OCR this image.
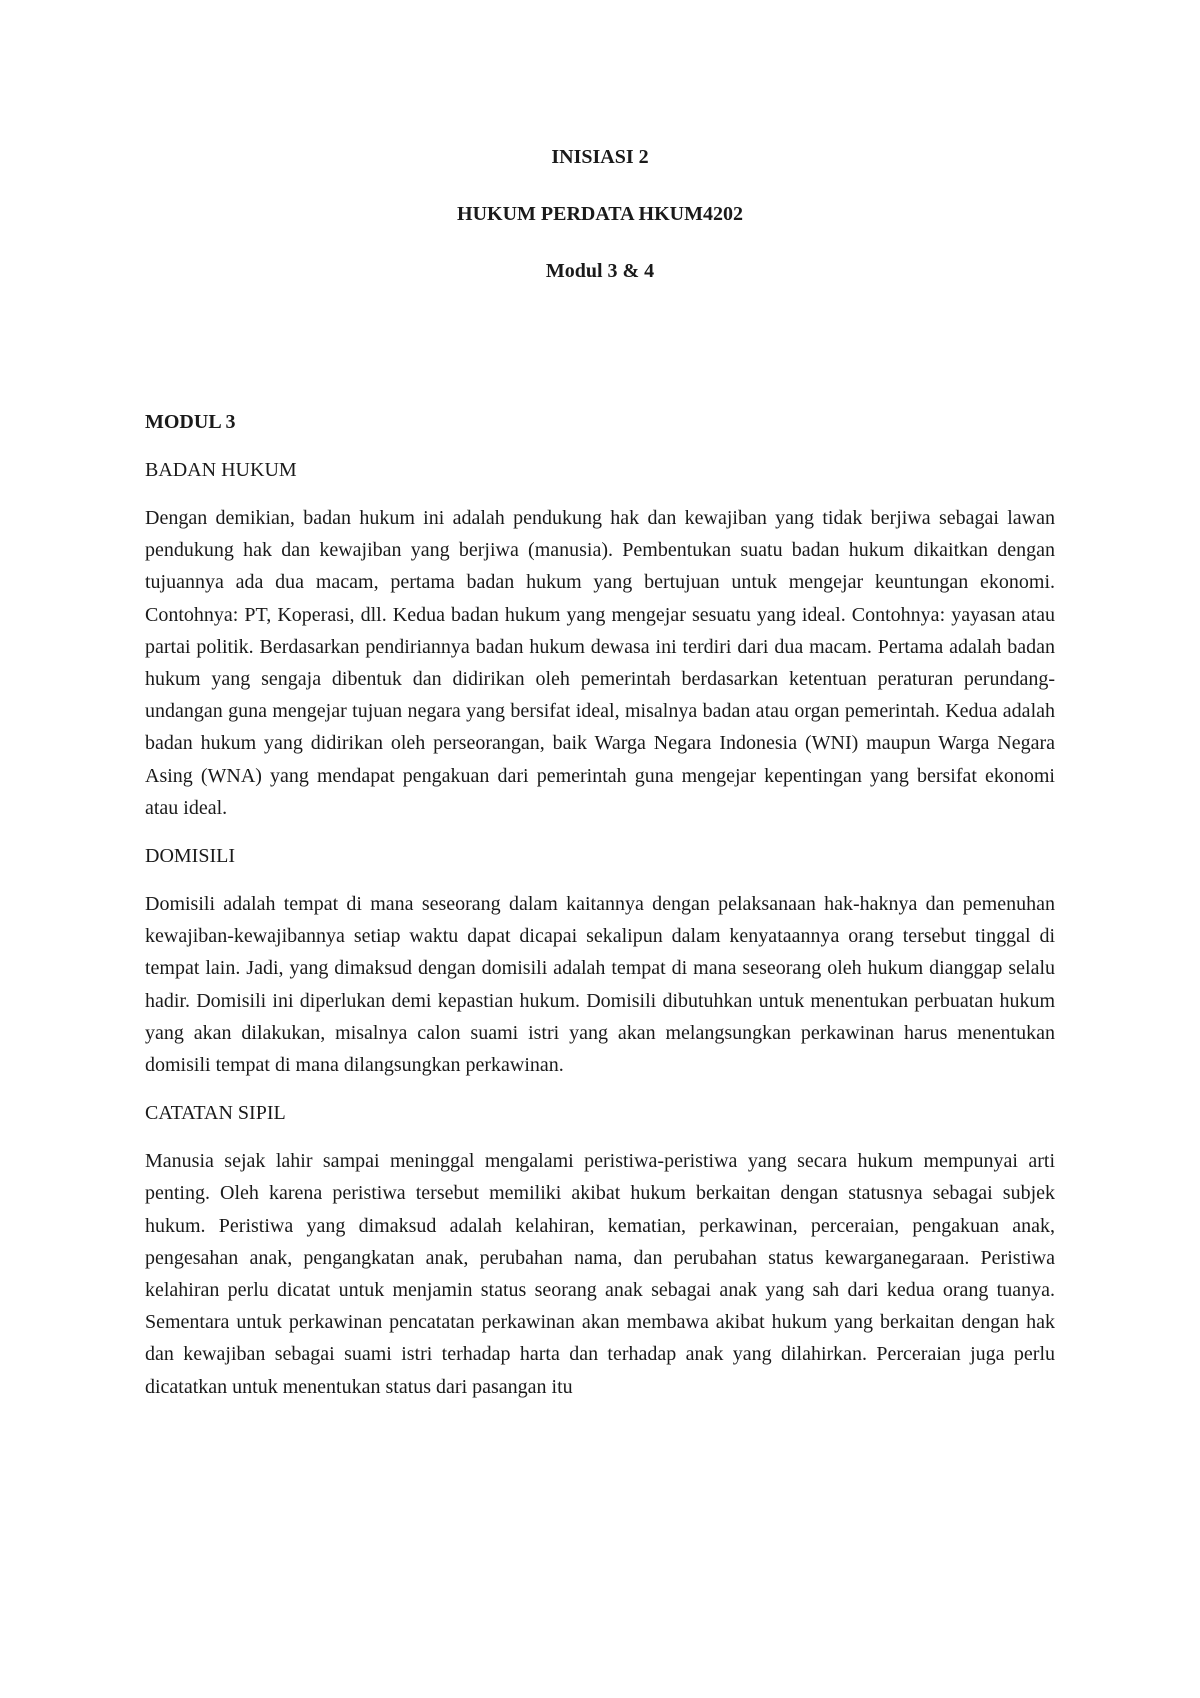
INISIASI 2
HUKUM PERDATA HKUM4202
Modul 3 & 4
MODUL 3
BADAN HUKUM

Dengan demikian, badan hukum ini adalah pendukung hak dan kewajiban yang tidak berjiwa sebagai lawan pendukung hak dan kewajiban yang berjiwa (manusia). Pembentukan suatu badan hukum dikaitkan dengan tujuannya ada dua macam, pertama badan hukum yang bertujuan untuk mengejar keuntungan ekonomi. Contohnya: PT, Koperasi, dll. Kedua badan hukum yang mengejar sesuatu yang ideal. Contohnya: yayasan atau partai politik. Berdasarkan pendiriannya badan hukum dewasa ini terdiri dari dua macam. Pertama adalah badan hukum yang sengaja dibentuk dan didirikan oleh pemerintah berdasarkan ketentuan peraturan perundang-undangan guna mengejar tujuan negara yang bersifat ideal, misalnya badan atau organ pemerintah. Kedua adalah badan hukum yang didirikan oleh perseorangan, baik Warga Negara Indonesia (WNI) maupun Warga Negara Asing (WNA) yang mendapat pengakuan dari pemerintah guna mengejar kepentingan yang bersifat ekonomi atau ideal.

DOMISILI

Domisili adalah tempat di mana seseorang dalam kaitannya dengan pelaksanaan hak-haknya dan pemenuhan kewajiban-kewajibannya setiap waktu dapat dicapai sekalipun dalam kenyataannya orang tersebut tinggal di tempat lain. Jadi, yang dimaksud dengan domisili adalah tempat di mana seseorang oleh hukum dianggap selalu hadir. Domisili ini diperlukan demi kepastian hukum. Domisili dibutuhkan untuk menentukan perbuatan hukum yang akan dilakukan, misalnya calon suami istri yang akan melangsungkan perkawinan harus menentukan domisili tempat di mana dilangsungkan perkawinan.

CATATAN SIPIL

Manusia sejak lahir sampai meninggal mengalami peristiwa-peristiwa yang secara hukum mempunyai arti penting. Oleh karena peristiwa tersebut memiliki akibat hukum berkaitan dengan statusnya sebagai subjek hukum. Peristiwa yang dimaksud adalah kelahiran, kematian, perkawinan, perceraian, pengakuan anak, pengesahan anak, pengangkatan anak, perubahan nama, dan perubahan status kewarganegaraan. Peristiwa kelahiran perlu dicatat untuk menjamin status seorang anak sebagai anak yang sah dari kedua orang tuanya. Sementara untuk perkawinan pencatatan perkawinan akan membawa akibat hukum yang berkaitan dengan hak dan kewajiban sebagai suami istri terhadap harta dan terhadap anak yang dilahirkan. Perceraian juga perlu dicatatkan untuk menentukan status dari pasangan itu
